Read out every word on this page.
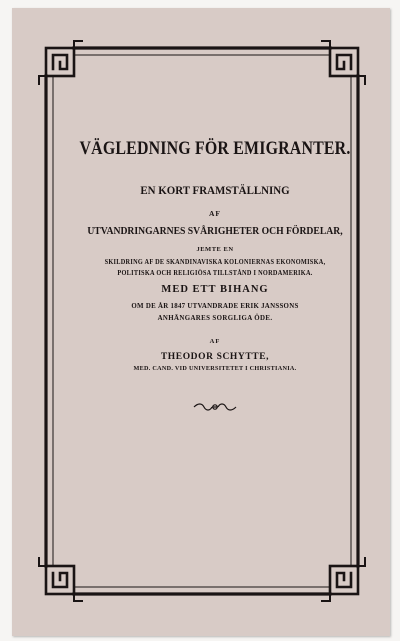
VÄGLEDNING FÖR EMIGRANTER.
EN KORT FRAMSTÄLLNING
AF
UTVANDRINGARNES SVÅRIGHETER OCH FÖRDELAR,
JEMTE EN
SKILDRING AF DE SKANDINAVISKA KOLONIERNAS EKONOMISKA,
POLITISKA OCH RELIGIÖSA TILLSTÅND I NORDAMERIKA.
MED ETT BIHANG
OM DE ÅR 1847 UTVANDRADE ERIK JANSSONS
ANHÄNGARES SORGLIGA ÖDE.
AF
THEODOR SCHYTTE,
MED. CAND. VID UNIVERSITETET I CHRISTIANIA.
